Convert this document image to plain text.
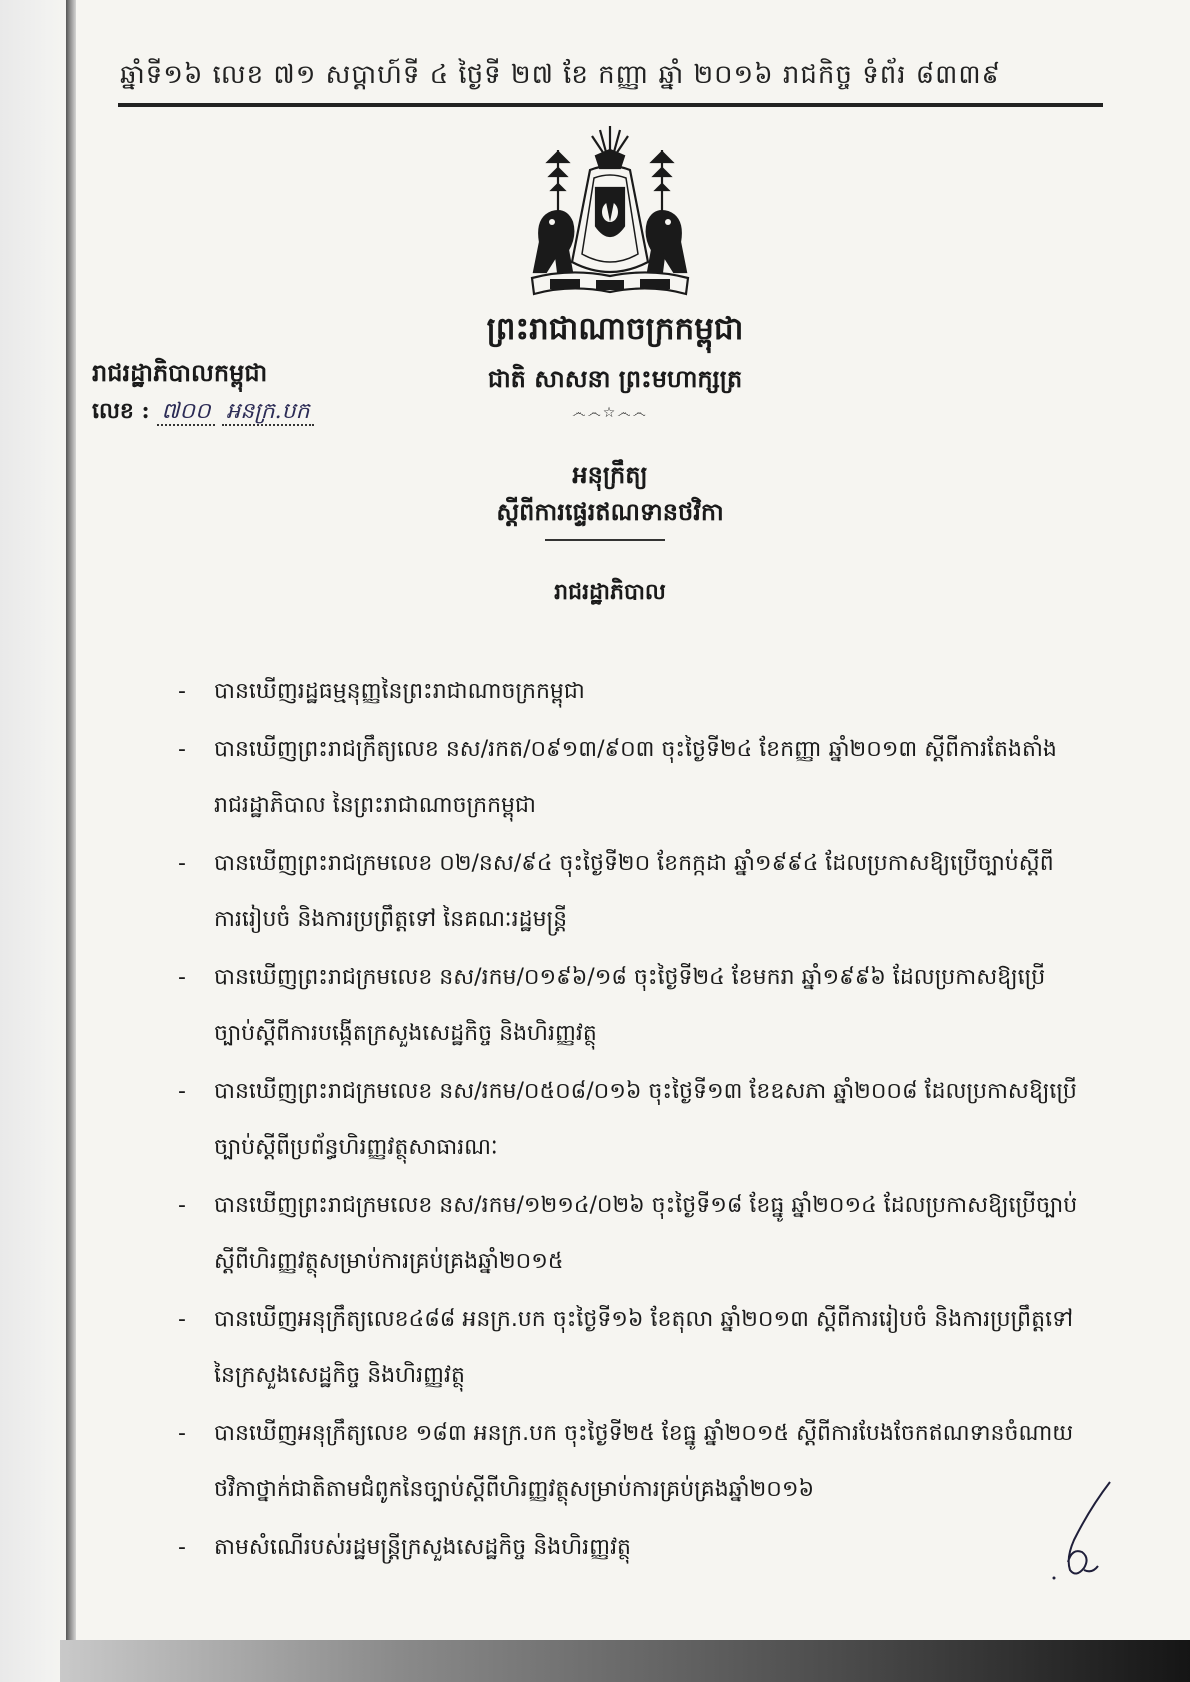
ឆ្នាំទី១៦ លេខ ៧១ សប្តាហ៍ទី ៤ ថ្ងៃទី ២៧ ខែ កញ្ញា ឆ្នាំ ២០១៦ រាជកិច្ច ទំព័រ ៨៣៣៩
ព្រះរាជាណាចក្រកម្ពុជា
ជាតិ សាសនា ព្រះមហាក្សត្រ
෴෴☆෴෴
រាជរដ្ឋាភិបាលកម្ពុជា
លេខ : ៧០០ អនក្រ.បក
អនុក្រឹត្យ
ស្តីពីការផ្ទេរឥណទានថវិកា
រាជរដ្ឋាភិបាល
- បានឃើញរដ្ឋធម្មនុញ្ញនៃព្រះរាជាណាចក្រកម្ពុជា
- បានឃើញព្រះរាជក្រឹត្យលេខ នស/រកត/០៩១៣/៩០៣ ចុះថ្ងៃទី២៤ ខែកញ្ញា ឆ្នាំ២០១៣ ស្តីពីការតែងតាំងរាជរដ្ឋាភិបាល នៃព្រះរាជាណាចក្រកម្ពុជា
- បានឃើញព្រះរាជក្រមលេខ ០២/នស/៩៤ ចុះថ្ងៃទី២០ ខែកក្កដា ឆ្នាំ១៩៩៤ ដែលប្រកាសឱ្យប្រើច្បាប់ស្តីពីការរៀបចំ និងការប្រព្រឹត្តទៅ នៃគណៈរដ្ឋមន្ត្រី
- បានឃើញព្រះរាជក្រមលេខ នស/រកម/០១៩៦/១៨ ចុះថ្ងៃទី២៤ ខែមករា ឆ្នាំ១៩៩៦ ដែលប្រកាសឱ្យប្រើច្បាប់ស្តីពីការបង្កើតក្រសួងសេដ្ឋកិច្ច និងហិរញ្ញវត្ថុ
- បានឃើញព្រះរាជក្រមលេខ នស/រកម/០៥០៨/០១៦ ចុះថ្ងៃទី១៣ ខែឧសភា ឆ្នាំ២០០៨ ដែលប្រកាសឱ្យប្រើច្បាប់ស្តីពីប្រព័ន្ធហិរញ្ញវត្ថុសាធារណៈ
- បានឃើញព្រះរាជក្រមលេខ នស/រកម/១២១៤/០២៦ ចុះថ្ងៃទី១៨ ខែធ្នូ ឆ្នាំ២០១៤ ដែលប្រកាសឱ្យប្រើច្បាប់ស្តីពីហិរញ្ញវត្ថុសម្រាប់ការគ្រប់គ្រងឆ្នាំ២០១៥
- បានឃើញអនុក្រឹត្យលេខ៤៨៨ អនក្រ.បក ចុះថ្ងៃទី១៦ ខែតុលា ឆ្នាំ២០១៣ ស្តីពីការរៀបចំ និងការប្រព្រឹត្តទៅ នៃក្រសួងសេដ្ឋកិច្ច និងហិរញ្ញវត្ថុ
- បានឃើញអនុក្រឹត្យលេខ ១៨៣ អនក្រ.បក ចុះថ្ងៃទី២៥ ខែធ្នូ ឆ្នាំ២០១៥ ស្តីពីការបែងចែកឥណទានចំណាយថវិកាថ្នាក់ជាតិតាមជំពូកនៃច្បាប់ស្តីពីហិរញ្ញវត្ថុសម្រាប់ការគ្រប់គ្រងឆ្នាំ២០១៦
- តាមសំណើរបស់រដ្ឋមន្ត្រីក្រសួងសេដ្ឋកិច្ច និងហិរញ្ញវត្ថុ
